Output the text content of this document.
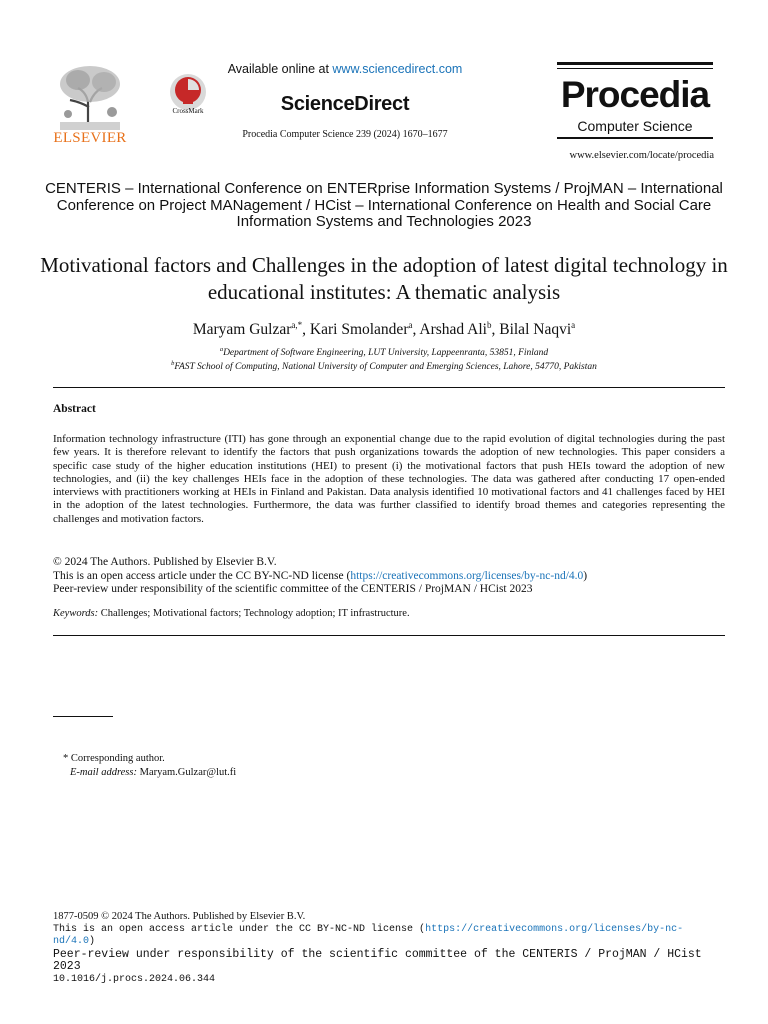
ELSEVIER
CrossMark
Available online at www.sciencedirect.com
ScienceDirect
Procedia Computer Science 239 (2024) 1670–1677
Procedia
Computer Science
www.elsevier.com/locate/procedia
CENTERIS – International Conference on ENTERprise Information Systems / ProjMAN – International Conference on Project MANagement / HCist – International Conference on Health and Social Care Information Systems and Technologies 2023
Motivational factors and Challenges in the adoption of latest digital technology in educational institutes: A thematic analysis
Maryam Gulzar$^{a,*}$, Kari Smolander$^a$, Arshad Ali$^b$, Bilal Naqvi$^a$
$^a$Department of Software Engineering, LUT University, Lappeenranta, 53851, Finland
$^b$FAST School of Computing, National University of Computer and Emerging Sciences, Lahore, 54770, Pakistan
Abstract
Information technology infrastructure (ITI) has gone through an exponential change due to the rapid evolution of digital technologies during the past few years. It is therefore relevant to identify the factors that push organizations towards the adoption of new technologies. This paper considers a specific case study of the higher education institutions (HEI) to present (i) the motivational factors that push HEIs toward the adoption of new technologies, and (ii) the key challenges HEIs face in the adoption of these technologies. The data was gathered after conducting 17 open-ended interviews with practitioners working at HEIs in Finland and Pakistan. Data analysis identified 10 motivational factors and 41 challenges faced by HEI in the adoption of the latest technologies. Furthermore, the data was further classified to identify broad themes and categories representing the challenges and motivation factors.
© 2024 The Authors. Published by Elsevier B.V.
This is an open access article under the CC BY-NC-ND license (https://creativecommons.org/licenses/by-nc-nd/4.0)
Peer-review under responsibility of the scientific committee of the CENTERIS / ProjMAN / HCist 2023
Keywords: Challenges; Motivational factors; Technology adoption; IT infrastructure.
* Corresponding author.
E-mail address: Maryam.Gulzar@lut.fi
1877-0509 © 2024 The Authors. Published by Elsevier B.V.
This is an open access article under the CC BY-NC-ND license (https://creativecommons.org/licenses/by-nc-nd/4.0)
Peer-review under responsibility of the scientific committee of the CENTERIS / ProjMAN / HCist 2023
10.1016/j.procs.2024.06.344
